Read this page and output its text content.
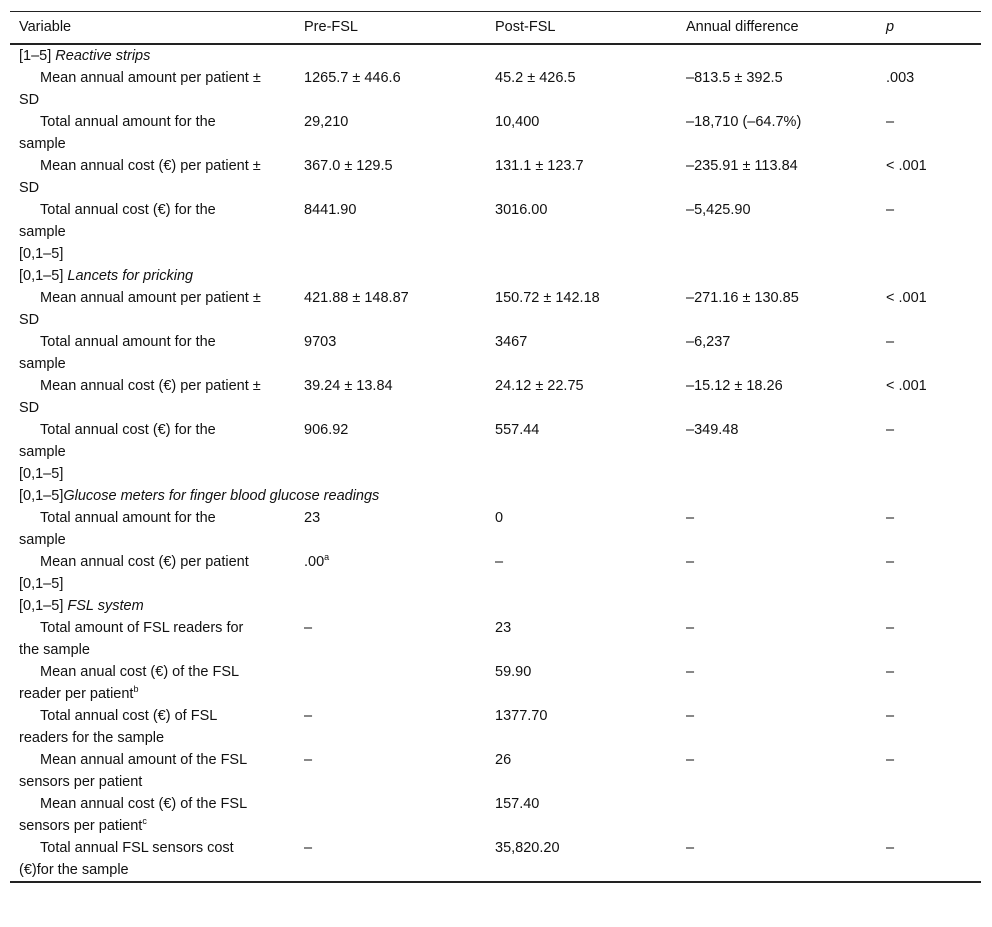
Variable	Pre-FSL	Post-FSL	Annual difference	p
[1–5] Reactive strips				
Mean annual amount per patient ± SD	1265.7 ± 446.6	45.2 ± 426.5	–813.5 ± 392.5	.003
Total annual amount for the sample	29,210	10,400	–18,710 (–64.7%)	–
Mean annual cost (€) per patient ± SD	367.0 ± 129.5	131.1 ± 123.7	–235.91 ± 113.84	< .001
Total annual cost (€) for the sample	8441.90	3016.00	–5,425.90	–
[0,1–5]				
[0,1–5] Lancets for pricking				
Mean annual amount per patient ± SD	421.88 ± 148.87	150.72 ± 142.18	–271.16 ± 130.85	< .001
Total annual amount for the sample	9703	3467	–6,237	–
Mean annual cost (€) per patient ± SD	39.24 ± 13.84	24.12 ± 22.75	–15.12 ± 18.26	< .001
Total annual cost (€) for the sample	906.92	557.44	–349.48	–
[0,1–5]				
[0,1–5]Glucose meters for finger blood glucose readings				
Total annual amount for the sample	23	0	–	–
Mean annual cost (€) per patient	.00$^a$	–	–	–
[0,1–5]				
[0,1–5] FSL system				
Total amount of FSL readers for the sample	–	23	–	–
Mean anual cost (€) of the FSL reader per patient$^b$		59.90	–	–
Total annual cost (€) of FSL readers for the sample	–	1377.70	–	–
Mean annual amount of the FSL sensors per patient	–	26	–	–
Mean annual cost (€) of the FSL sensors per patient$^c$		157.40		
Total annual FSL sensors cost (€)for the sample	–	35,820.20	–	–
